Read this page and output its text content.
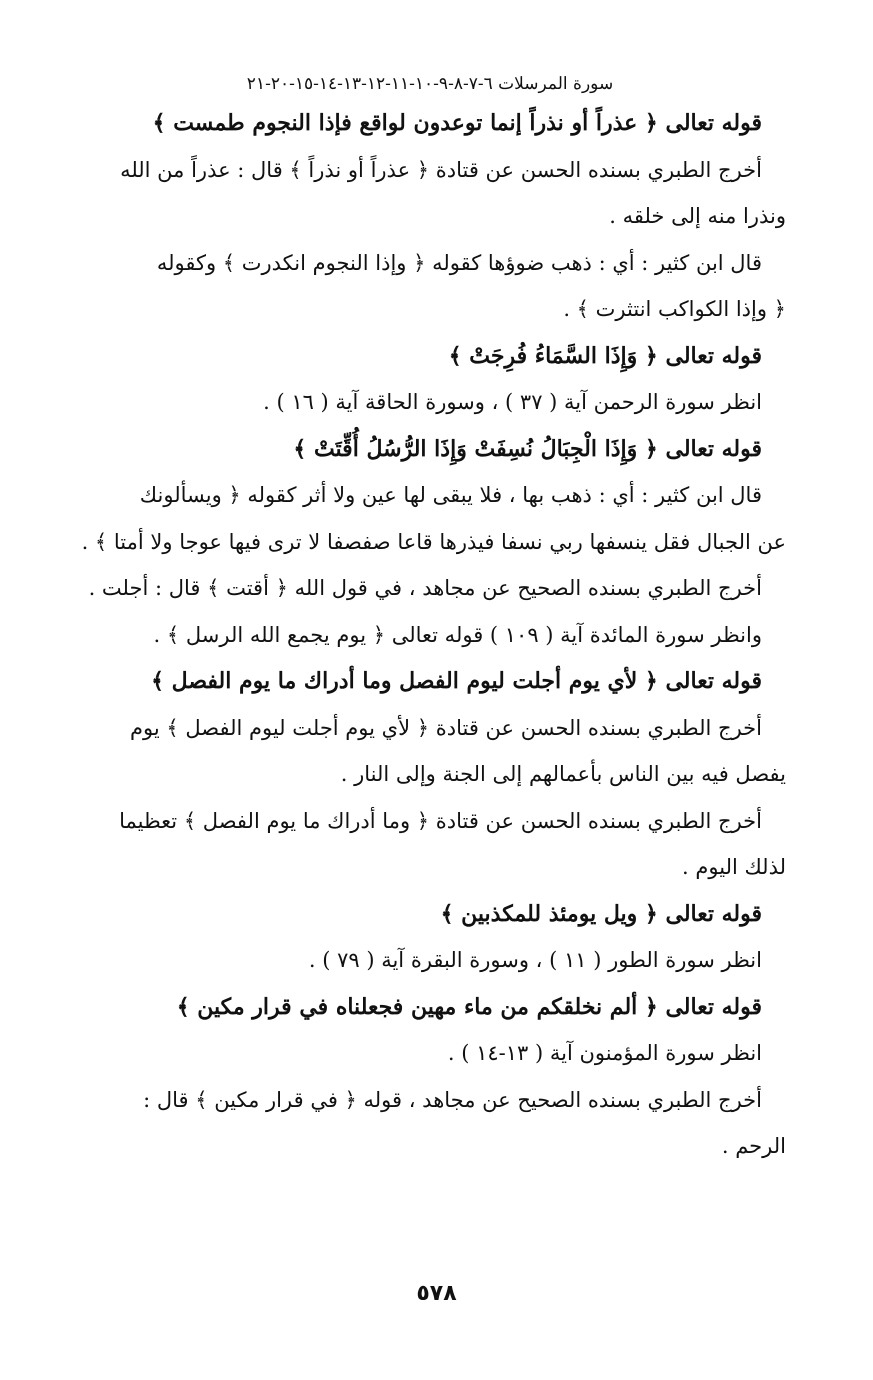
سورة المرسلات ٦-٧-٨-٩-١٠-١١-١٢-١٣-١٤-١٥-٢٠-٢١
قوله تعالى ﴿ عذراً أو نذراً إنما توعدون لواقع فإذا النجوم طمست ﴾
أخرج الطبري بسنده الحسن عن قتادة ﴿ عذراً أو نذراً ﴾ قال : عذراً من الله
ونذرا منه إلى خلقه .
قال ابن كثير : أي : ذهب ضوؤها كقوله ﴿ وإذا النجوم انكدرت ﴾ وكقوله
﴿ وإذا الكواكب انتثرت ﴾ .
قوله تعالى ﴿ وَإِذَا السَّمَاءُ فُرِجَتْ ﴾
انظر سورة الرحمن آية ( ٣٧ ) ، وسورة الحاقة آية ( ١٦ ) .
قوله تعالى ﴿ وَإِذَا الْجِبَالُ نُسِفَتْ وَإِذَا الرُّسُلُ أُقِّتَتْ ﴾
قال ابن كثير : أي : ذهب بها ، فلا يبقى لها عين ولا أثر كقوله ﴿ ويسألونك
عن الجبال فقل ينسفها ربي نسفا فيذرها قاعا صفصفا لا ترى فيها عوجا ولا أمتا ﴾ .
أخرج الطبري بسنده الصحيح عن مجاهد ، في قول الله ﴿ أقتت ﴾ قال : أجلت .
وانظر سورة المائدة آية ( ١٠٩ ) قوله تعالى ﴿ يوم يجمع الله الرسل ﴾ .
قوله تعالى ﴿ لأي يوم أجلت ليوم الفصل وما أدراك ما يوم الفصل ﴾
أخرج الطبري بسنده الحسن عن قتادة ﴿ لأي يوم أجلت ليوم الفصل ﴾ يوم
يفصل فيه بين الناس بأعمالهم إلى الجنة وإلى النار .
أخرج الطبري بسنده الحسن عن قتادة ﴿ وما أدراك ما يوم الفصل ﴾ تعظيما
لذلك اليوم .
قوله تعالى ﴿ ويل يومئذ للمكذبين ﴾
انظر سورة الطور ( ١١ ) ، وسورة البقرة آية ( ٧٩ ) .
قوله تعالى ﴿ ألم نخلقكم من ماء مهين فجعلناه في قرار مكين ﴾
انظر سورة المؤمنون آية ( ١٣-١٤ ) .
أخرج الطبري بسنده الصحيح عن مجاهد ، قوله ﴿ في قرار مكين ﴾ قال :
الرحم .
٥٧٨
